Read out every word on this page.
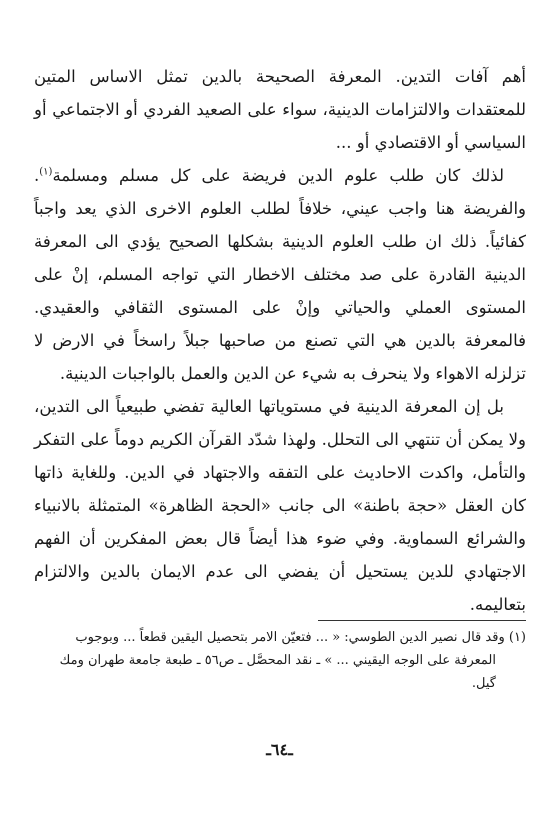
أهم آفات التدين. المعرفة الصحيحة بالدين تمثل الاساس المتين للمعتقدات والالتزامات الدينية، سواء على الصعيد الفردي أو الاجتماعي أو السياسي أو الاقتصادي أو ...

لذلك كان طلب علوم الدين فريضة على كل مسلم ومسلمة$^{(١)}$. والفريضة هنا واجب عيني، خلافاً لطلب العلوم الاخرى الذي يعد واجباً كفائياً. ذلك ان طلب العلوم الدينية بشكلها الصحيح يؤدي الى المعرفة الدينية القادرة على صد مختلف الاخطار التي تواجه المسلم، إنْ على المستوى العملي والحياتي وإنْ على المستوى الثقافي والعقيدي. فالمعرفة بالدين هي التي تصنع من صاحبها جبلاً راسخاً في الارض لا تزلزله الاهواء ولا ينحرف به شيء عن الدين والعمل بالواجبات الدينية.

بل إن المعرفة الدينية في مستوياتها العالية تفضي طبيعياً الى التدين، ولا يمكن أن تنتهي الى التحلل. ولهذا شدّد القرآن الكريم دوماً على التفكر والتأمل، واكدت الاحاديث على التفقه والاجتهاد في الدين. وللغاية ذاتها كان العقل «حجة باطنة» الى جانب «الحجة الظاهرة» المتمثلة بالانبياء والشرائع السماوية. وفي ضوء هذا أيضاً قال بعض المفكرين أن الفهم الاجتهادي للدين يستحيل أن يفضي الى عدم الايمان بالدين والالتزام بتعاليمه.

(١) وقد قال نصير الدين الطوسي: « ... فتعيّن الامر بتحصيل اليقين قطعاً ... وبوجوب
المعرفة على الوجه اليقيني ... » ـ نقد المحصَّل ـ ص٥٦ ـ طبعة جامعة طهران ومك
گيل.
ـ٦٤ـ
